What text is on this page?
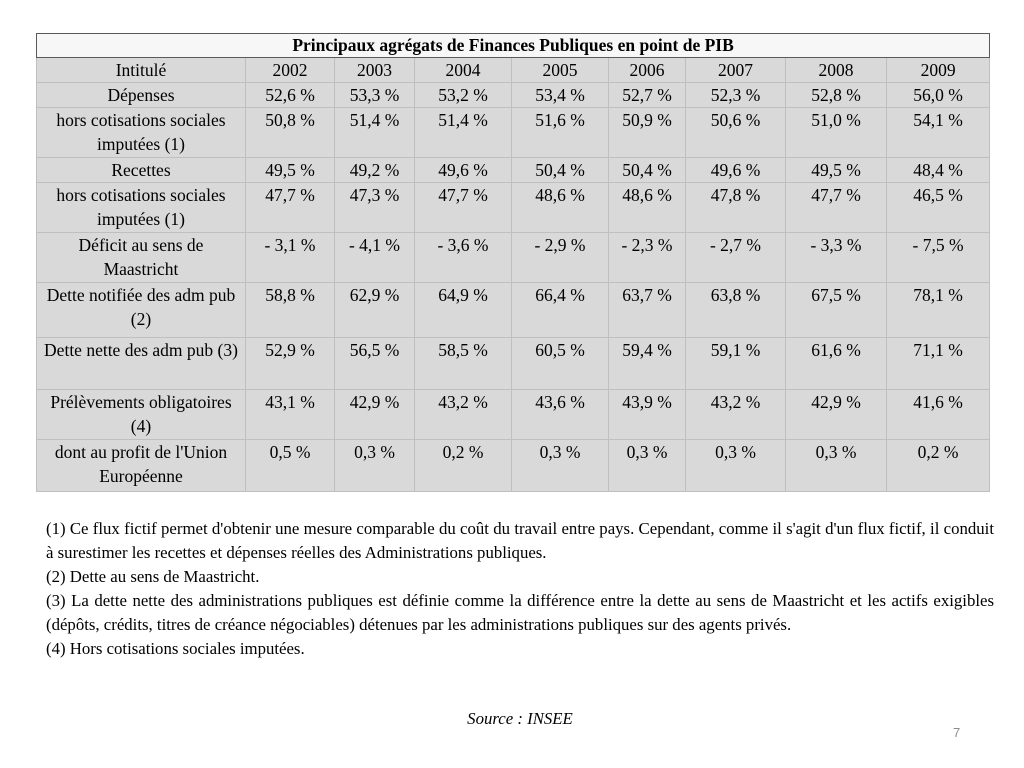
Principaux agrégats de Finances Publiques en point de PIB								
Intitulé	2002	2003	2004	2005	2006	2007	2008	2009
Dépenses	52,6 %	53,3 %	53,2 %	53,4 %	52,7 %	52,3 %	52,8 %	56,0 %
hors cotisations sociales imputées (1)	50,8 %	51,4 %	51,4 %	51,6 %	50,9 %	50,6 %	51,0 %	54,1 %
Recettes	49,5 %	49,2 %	49,6 %	50,4 %	50,4 %	49,6 %	49,5 %	48,4 %
hors cotisations sociales imputées (1)	47,7 %	47,3 %	47,7 %	48,6 %	48,6 %	47,8 %	47,7 %	46,5 %
Déficit au sens de Maastricht	- 3,1 %	- 4,1 %	- 3,6 %	- 2,9 %	- 2,3 %	- 2,7 %	- 3,3 %	- 7,5 %
Dette notifiée des adm pub (2)	58,8 %	62,9 %	64,9 %	66,4 %	63,7 %	63,8 %	67,5 %	78,1 %
Dette nette des adm pub (3)	52,9 %	56,5 %	58,5 %	60,5 %	59,4 %	59,1 %	61,6 %	71,1 %
Prélèvements obligatoires (4)	43,1 %	42,9 %	43,2 %	43,6 %	43,9 %	43,2 %	42,9 %	41,6 %
dont au profit de l'Union Européenne	0,5 %	0,3 %	0,2 %	0,3 %	0,3 %	0,3 %	0,3 %	0,2 %

(1) Ce flux fictif permet d'obtenir une mesure comparable du coût du travail entre pays. Cependant, comme il s'agit d'un flux fictif, il conduit à surestimer les recettes et dépenses réelles des Administrations publiques.

(2) Dette au sens de Maastricht.

(3) La dette nette des administrations publiques est définie comme la différence entre la dette au sens de Maastricht et les actifs exigibles (dépôts, crédits, titres de créance négociables) détenues par les administrations publiques sur des agents privés.

(4) Hors cotisations sociales imputées.

Source : INSEE
7
